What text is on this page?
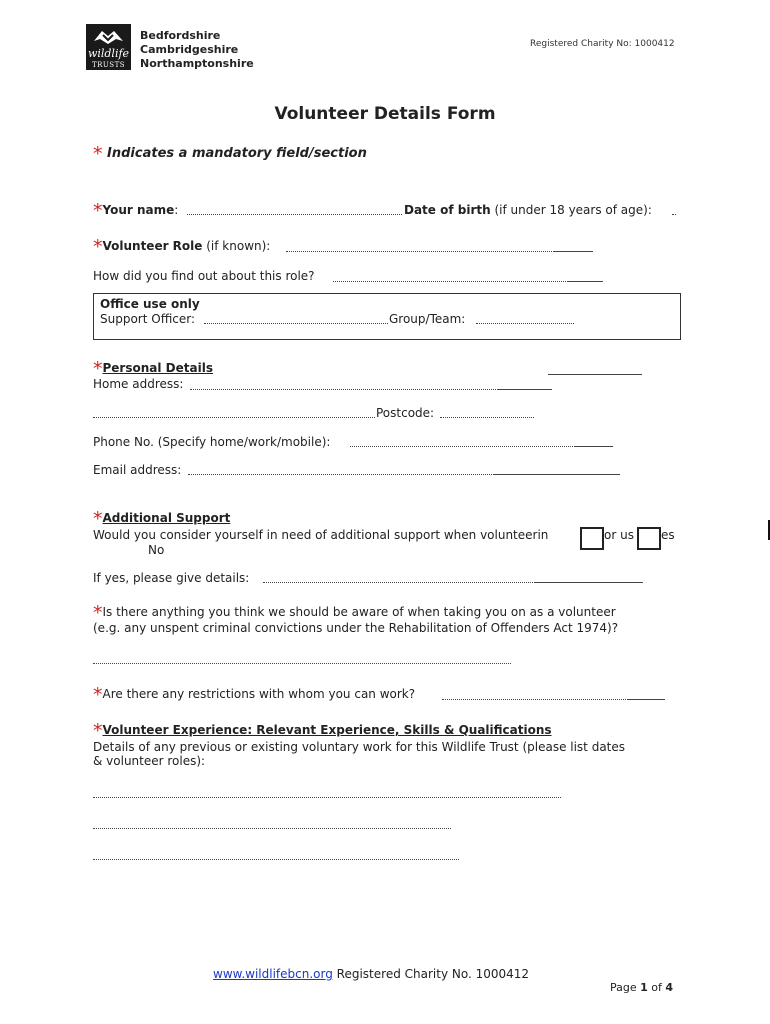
wildlife
TRUSTS
Bedfordshire
Cambridgeshire
Northamptonshire
Registered Charity No: 1000412
Volunteer Details Form
* Indicates a mandatory field/section
*Your name:	Date of birth (if under 18 years of age):
*Volunteer Role (if known):
How did you find out about this role?
Office use only
Support Officer:	Group/Team:
*Personal Details
Home address:
Postcode:
Phone No. (Specify home/work/mobile):
Email address:
*Additional Support
Would you consider yourself in need of additional support when volunteerin	or us es
No
If yes, please give details:
*Is there anything you think we should be aware of when taking you on as a volunteer
(e.g. any unspent criminal convictions under the Rehabilitation of Offenders Act 1974)?
*Are there any restrictions with whom you can work?
*Volunteer Experience: Relevant Experience, Skills & Qualifications
Details of any previous or existing voluntary work for this Wildlife Trust (please list dates
& volunteer roles):
www.wildlifebcn.org Registered Charity No. 1000412
Page 1 of 4
